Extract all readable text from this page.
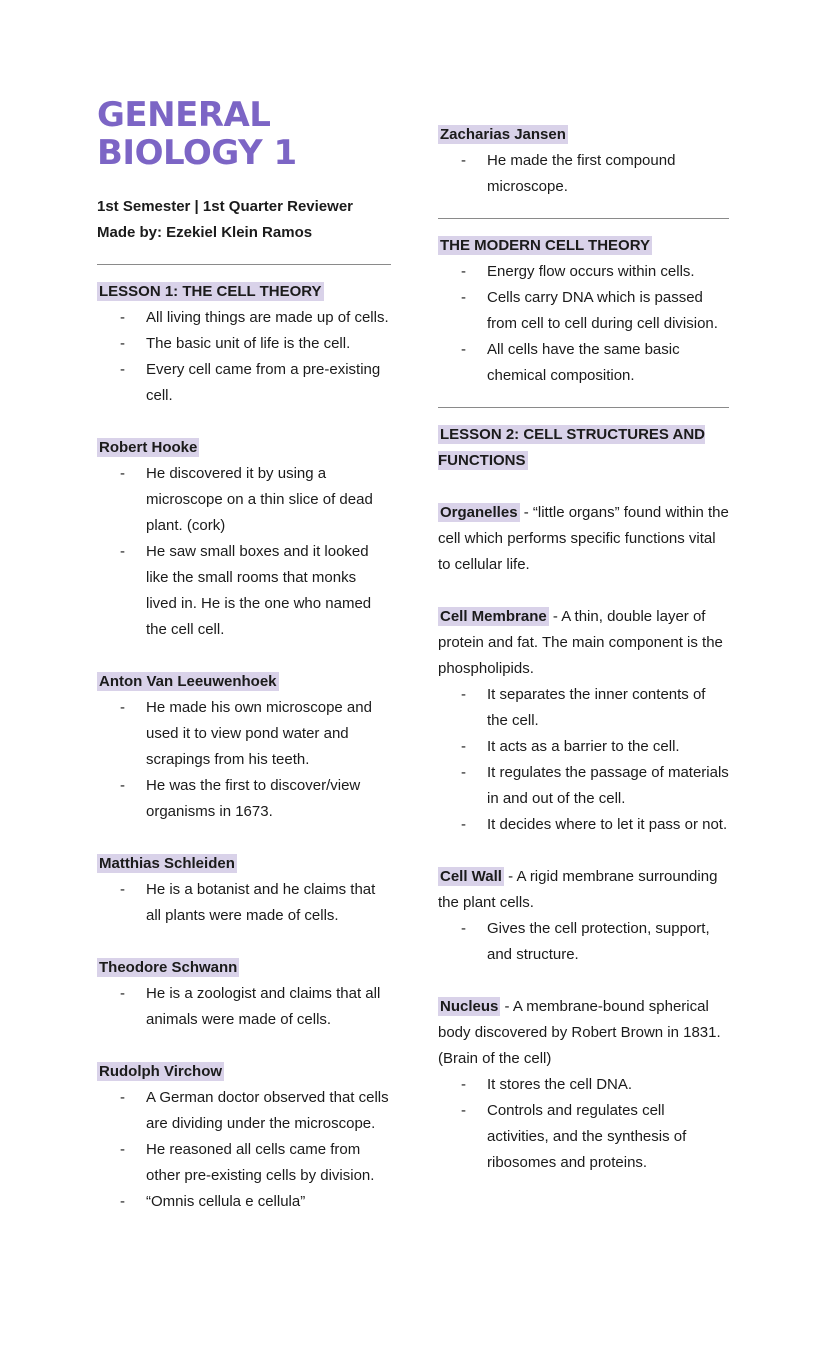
GENERAL BIOLOGY 1

1st Semester | 1st Quarter Reviewer

Made by: Ezekiel Klein Ramos

LESSON 1: THE CELL THEORY
-	All living things are made up of cells.
-	The basic unit of life is the cell.
-	Every cell came from a pre-existing cell.
Robert Hooke
-	He discovered it by using a microscope on a thin slice of dead plant. (cork)
-	He saw small boxes and it looked like the small rooms that monks lived in. He is the one who named the cell cell.
Anton Van Leeuwenhoek
-	He made his own microscope and used it to view pond water and scrapings from his teeth.
-	He was the first to discover/view organisms in 1673.
Matthias Schleiden
-	He is a botanist and he claims that all plants were made of cells.
Theodore Schwann
-	He is a zoologist and claims that all animals were made of cells.
Rudolph Virchow
-	A German doctor observed that cells are dividing under the microscope.
-	He reasoned all cells came from other pre-existing cells by division.
-	“Omnis cellula e cellula”
Zacharias Jansen
-	He made the first compound microscope.
THE MODERN CELL THEORY
-	Energy flow occurs within cells.
-	Cells carry DNA which is passed from cell to cell during cell division.
-	All cells have the same basic chemical composition.
LESSON 2: CELL STRUCTURES AND FUNCTIONS

Organelles - “little organs” found within the cell which performs specific functions vital to cellular life.

Cell Membrane - A thin, double layer of protein and fat. The main component is the phospholipids.

-	It separates the inner contents of the cell.
-	It acts as a barrier to the cell.
-	It regulates the passage of materials in and out of the cell.
-	It decides where to let it pass or not.

Cell Wall - A rigid membrane surrounding the plant cells.

-	Gives the cell protection, support, and structure.

Nucleus - A membrane-bound spherical body discovered by Robert Brown in 1831. (Brain of the cell)

-	It stores the cell DNA.
-	Controls and regulates cell activities, and the synthesis of ribosomes and proteins.
